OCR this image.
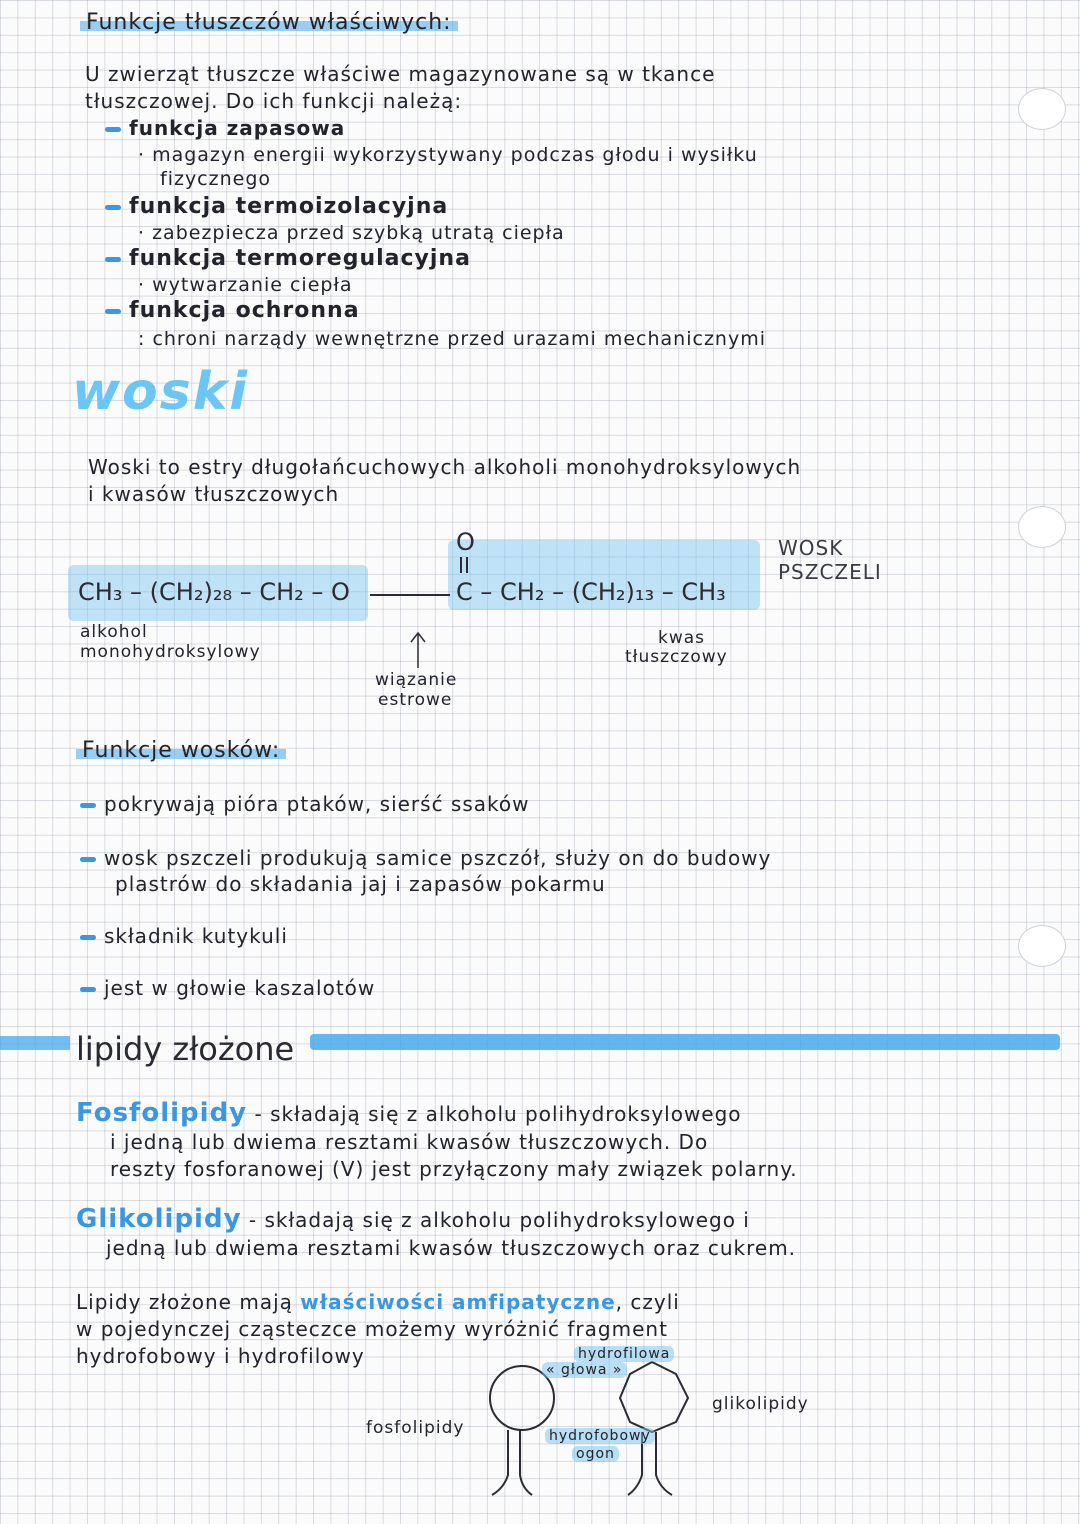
Funkcje tłuszczów właściwych:
U zwierząt tłuszcze właściwe magazynowane są w tkance
tłuszczowej. Do ich funkcji należą:
funkcja zapasowa
· magazyn energii wykorzystywany podczas głodu i wysiłku
fizycznego
funkcja termoizolacyjna
· zabezpiecza przed szybką utratą ciepła
funkcja termoregulacyjna
· wytwarzanie ciepła
funkcja ochronna
: chroni narządy wewnętrzne przed urazami mechanicznymi
woski
Woski to estry długołańcuchowych alkoholi monohydroksylowych
i kwasów tłuszczowych
CH₃ – (CH₂)₂₈ – CH₂ – O
O
C – CH₂ – (CH₂)₁₃ – CH₃
WOSK
PSZCZELI
alkohol
monohydroksylowy
wiązanie
estrowe
kwas
tłuszczowy
Funkcje wosków:
pokrywają pióra ptaków, sierść ssaków
wosk pszczeli produkują samice pszczół, służy on do budowy
plastrów do składania jaj i zapasów pokarmu
składnik kutykuli
jest w głowie kaszalotów
lipidy złożone
Fosfolipidy - składają się z alkoholu polihydroksylowego
i jedną lub dwiema resztami kwasów tłuszczowych. Do
reszty fosforanowej (V) jest przyłączony mały związek polarny.
Glikolipidy - składają się z alkoholu polihydroksylowego i
jedną lub dwiema resztami kwasów tłuszczowych oraz cukrem.
Lipidy złożone mają właściwości amfipatyczne, czyli
w pojedynczej cząsteczce możemy wyróżnić fragment
hydrofobowy i hydrofilowy	hydrofilowa
« głowa »
hydrofobowy
ogon
fosfolipidy
glikolipidy
